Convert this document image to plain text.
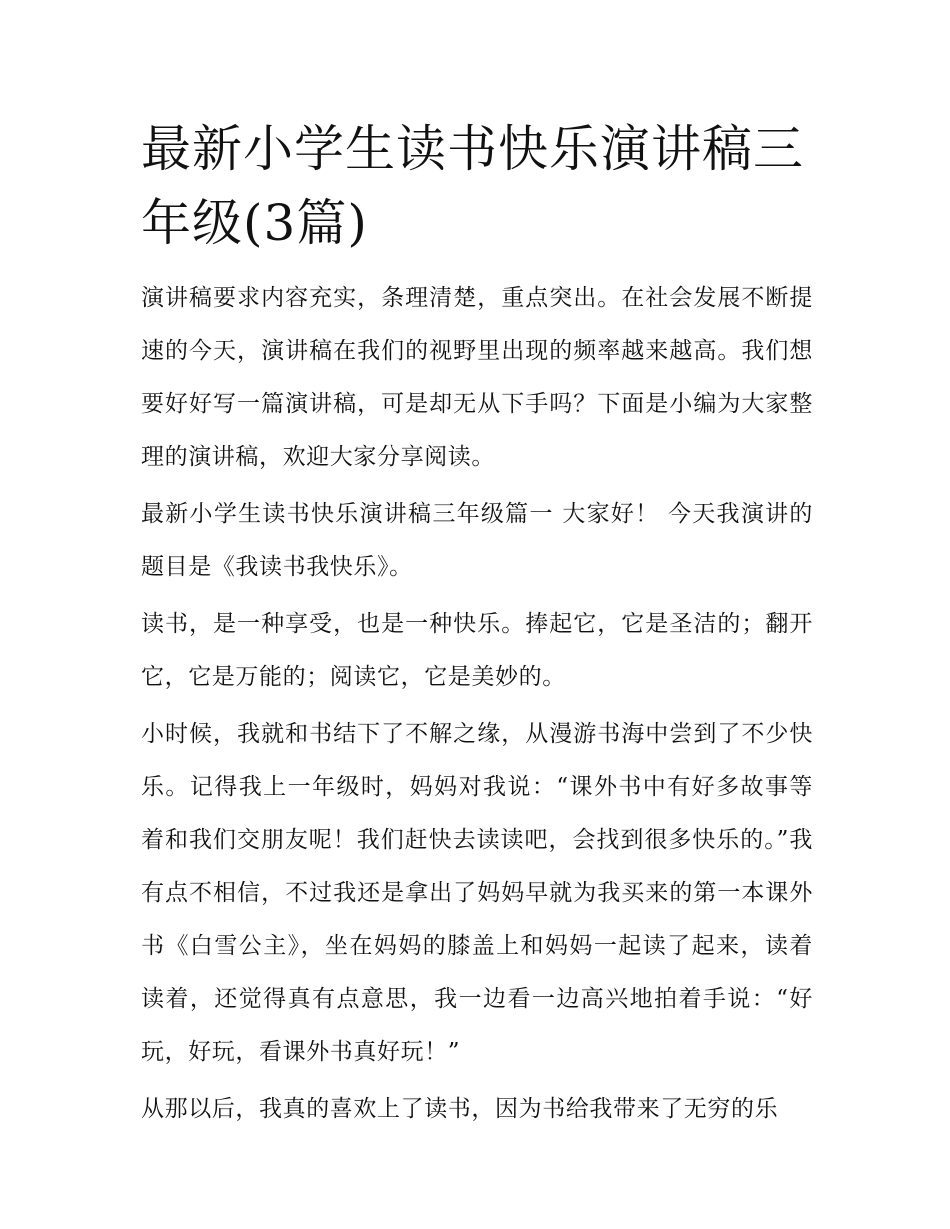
最新小学生读书快乐演讲稿三年级(3篇)

演讲稿要求内容充实，条理清楚，重点突出。在社会发展不断提速的今天，演讲稿在我们的视野里出现的频率越来越高。我们想要好好写一篇演讲稿，可是却无从下手吗？下面是小编为大家整理的演讲稿，欢迎大家分享阅读。

最新小学生读书快乐演讲稿三年级篇一 大家好！ 今天我演讲的题目是《我读书我快乐》。

读书，是一种享受，也是一种快乐。捧起它，它是圣洁的；翻开它，它是万能的；阅读它，它是美妙的。

小时候，我就和书结下了不解之缘，从漫游书海中尝到了不少快乐。记得我上一年级时，妈妈对我说：“课外书中有好多故事等着和我们交朋友呢！我们赶快去读读吧，会找到很多快乐的。”我有点不相信，不过我还是拿出了妈妈早就为我买来的第一本课外书《白雪公主》，坐在妈妈的膝盖上和妈妈一起读了起来，读着读着，还觉得真有点意思，我一边看一边高兴地拍着手说：“好玩，好玩，看课外书真好玩！”

从那以后，我真的喜欢上了读书，因为书给我带来了无穷的乐
